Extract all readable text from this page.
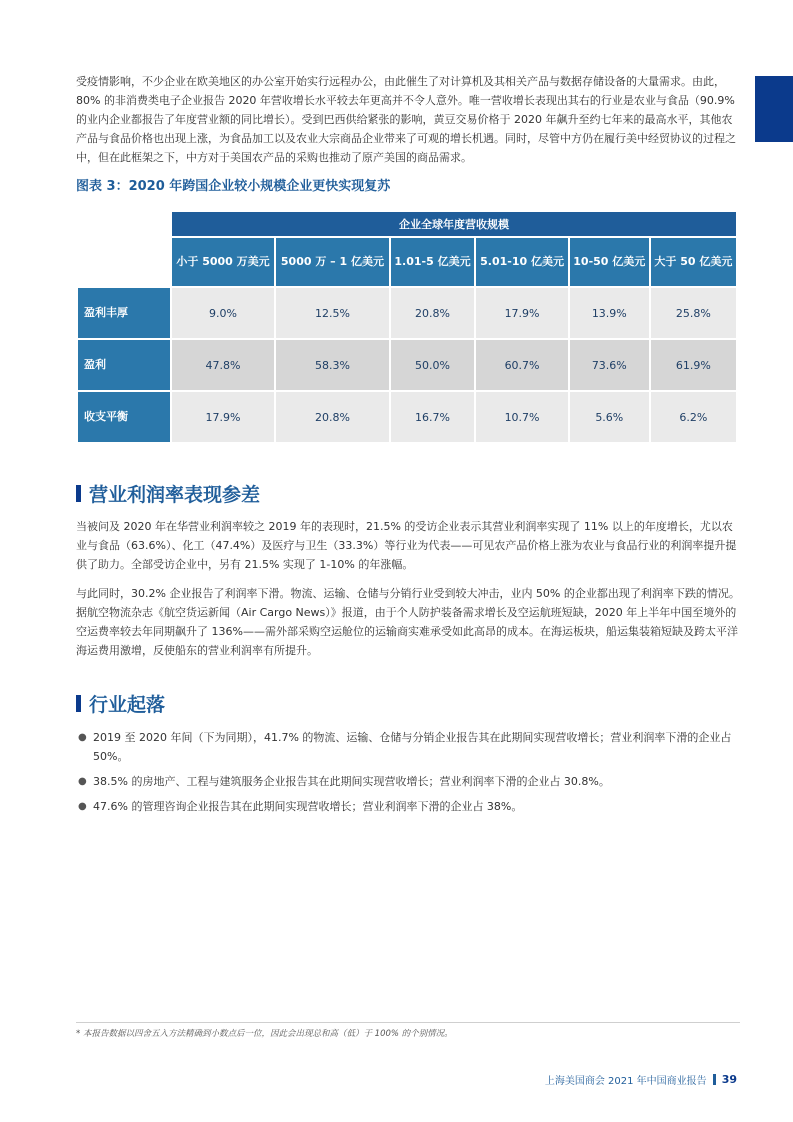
受疫情影响，不少企业在欧美地区的办公室开始实行远程办公，由此催生了对计算机及其相关产品与数据存储设备的大量需求。由此，80% 的非消费类电子企业报告 2020 年营收增长水平较去年更高并不令人意外。唯一营收增长表现出其右的行业是农业与食品（90.9% 的业内企业都报告了年度营业额的同比增长）。受到巴西供给紧张的影响，黄豆交易价格于 2020 年飙升至约七年来的最高水平，其他农产品与食品价格也出现上涨，为食品加工以及农业大宗商品企业带来了可观的增长机遇。同时，尽管中方仍在履行美中经贸协议的过程之中，但在此框架之下，中方对于美国农产品的采购也推动了原产美国的商品需求。

图表 3：2020 年跨国企业较小规模企业更快实现复苏
	企业全球年度营收规模					
	小于 5000 万美元	5000 万 – 1 亿美元	1.01-5 亿美元	5.01-10 亿美元	10-50 亿美元	大于 50 亿美元
盈利丰厚	9.0%	12.5%	20.8%	17.9%	13.9%	25.8%
盈利	47.8%	58.3%	50.0%	60.7%	73.6%	61.9%
收支平衡	17.9%	20.8%	16.7%	10.7%	5.6%	6.2%
营业利润率表现参差

当被问及 2020 年在华营业利润率较之 2019 年的表现时，21.5% 的受访企业表示其营业利润率实现了 11% 以上的年度增长，尤以农业与食品（63.6%）、化工（47.4%）及医疗与卫生（33.3%）等行业为代表——可见农产品价格上涨为农业与食品行业的利润率提升提供了助力。全部受访企业中，另有 21.5% 实现了 1-10% 的年涨幅。

与此同时，30.2% 企业报告了利润率下滑。物流、运输、仓储与分销行业受到较大冲击，业内 50% 的企业都出现了利润率下跌的情况。据航空物流杂志《航空货运新闻（Air Cargo News）》报道，由于个人防护装备需求增长及空运航班短缺，2020 年上半年中国至境外的空运费率较去年同期飙升了 136%——需外部采购空运舱位的运输商实难承受如此高昂的成本。在海运板块，船运集装箱短缺及跨太平洋海运费用激增，反使船东的营业利润率有所提升。

行业起落
● 2019 至 2020 年间（下为同期），41.7% 的物流、运输、仓储与分销企业报告其在此期间实现营收增长；营业利润率下滑的企业占 50%。
● 38.5% 的房地产、工程与建筑服务企业报告其在此期间实现营收增长；营业利润率下滑的企业占 30.8%。
● 47.6% 的管理咨询企业报告其在此期间实现营收增长；营业利润率下滑的企业占 38%。

* 本报告数据以四舍五入方法精确到小数点后一位，因此会出现总和高（低）于 100% 的个别情况。

上海美国商会 2021 年中国商业报告 39
